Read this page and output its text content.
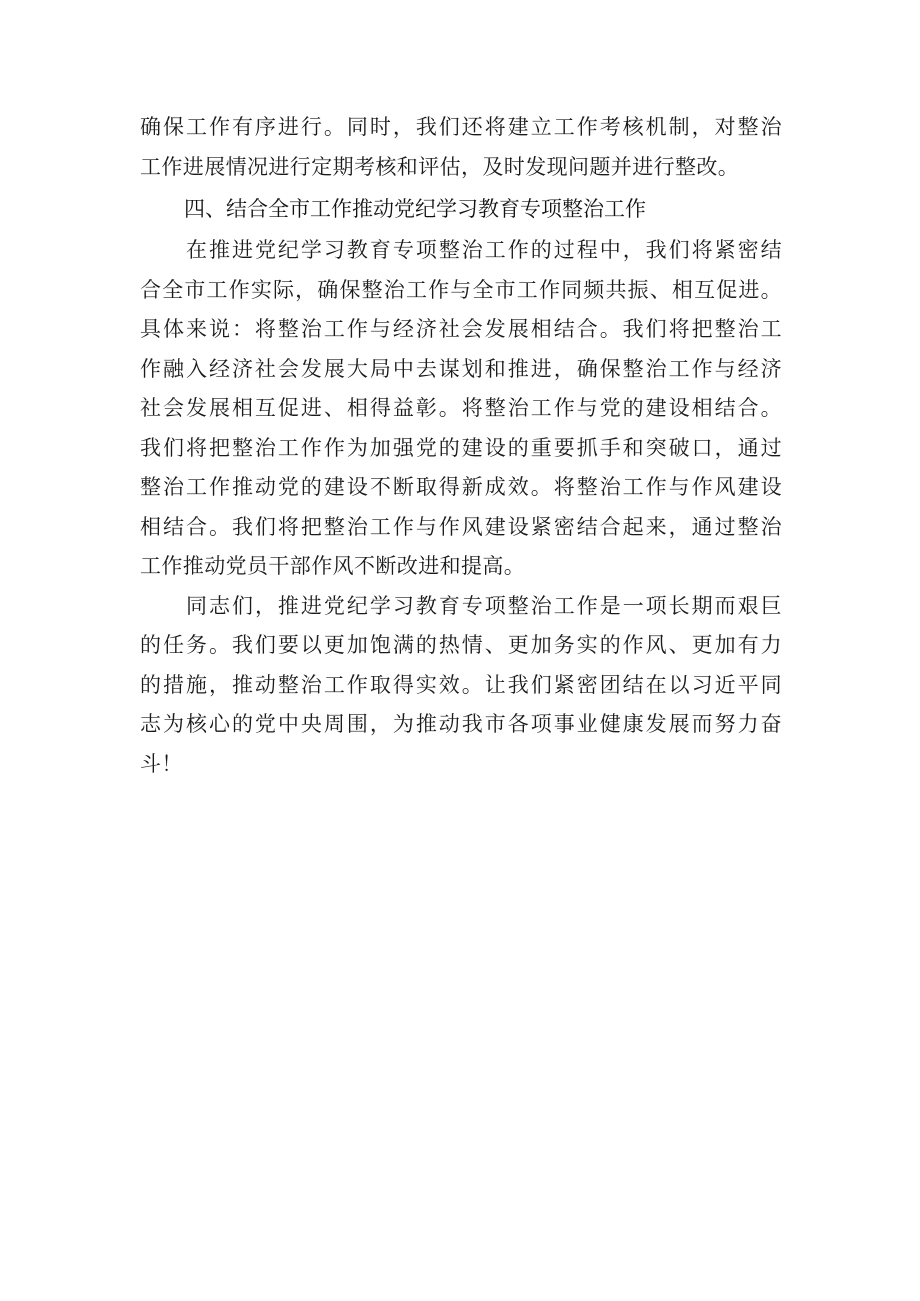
确保工作有序进行。同时，我们还将建立工作考核机制，对整治
工作进展情况进行定期考核和评估，及时发现问题并进行整改。
四、结合全市工作推动党纪学习教育专项整治工作
在推进党纪学习教育专项整治工作的过程中，我们将紧密结
合全市工作实际，确保整治工作与全市工作同频共振、相互促进。
具体来说：将整治工作与经济社会发展相结合。我们将把整治工
作融入经济社会发展大局中去谋划和推进，确保整治工作与经济
社会发展相互促进、相得益彰。将整治工作与党的建设相结合。
我们将把整治工作作为加强党的建设的重要抓手和突破口，通过
整治工作推动党的建设不断取得新成效。将整治工作与作风建设
相结合。我们将把整治工作与作风建设紧密结合起来，通过整治
工作推动党员干部作风不断改进和提高。
同志们，推进党纪学习教育专项整治工作是一项长期而艰巨
的任务。我们要以更加饱满的热情、更加务实的作风、更加有力
的措施，推动整治工作取得实效。让我们紧密团结在以习近平同
志为核心的党中央周围，为推动我市各项事业健康发展而努力奋
斗！
